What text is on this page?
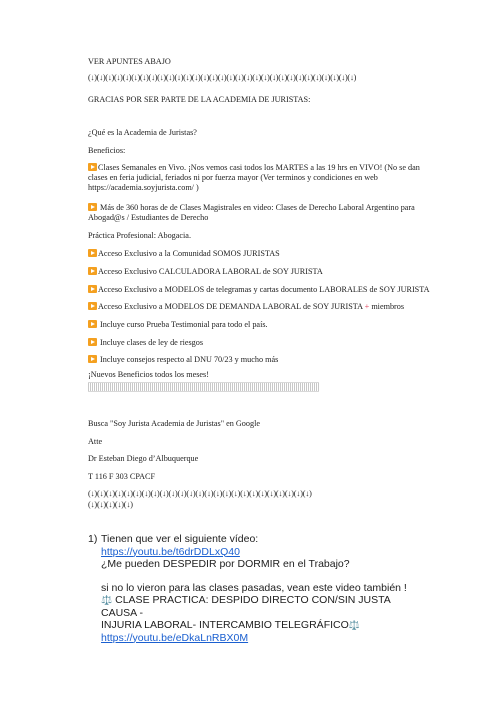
VER APUNTES ABAJO
(↓)(↓)(↓)(↓)(↓)(↓)(↓)(↓)(↓)(↓)(↓)(↓)(↓)(↓)(↓)(↓)(↓)(↓)(↓)(↓)(↓)(↓)(↓)(↓)(↓)(↓)(↓)(↓)(↓)(↓)(↓)
GRACIAS POR SER PARTE DE LA ACADEMIA DE JURISTAS:
¿Qué es la Academia de Juristas?
Beneficios:
Clases Semanales en Vivo. ¡Nos vemos casi todos los MARTES a las 19 hrs en VIVO! (No se dan
clases en feria judicial, feriados ni por fuerza mayor (Ver terminos y condiciones en web
https://academia.soyjurista.com/ )
Más de 360 horas de de Clases Magistrales en video: Clases de Derecho Laboral Argentino para
Abogad@s / Estudiantes de Derecho
Práctica Profesional: Abogacia.
Acceso Exclusivo a la Comunidad SOMOS JURISTAS
Acceso Exclusivo CALCULADORA LABORAL de SOY JURISTA
Acceso Exclusivo a MODELOS de telegramas y cartas documento LABORALES de SOY JURISTA
Acceso Exclusivo a MODELOS DE DEMANDA LABORAL de SOY JURISTA + miembros
Incluye curso Prueba Testimonial para todo el país.
Incluye clases de ley de riesgos
Incluye consejos respecto al DNU 70/23 y mucho más
¡Nuevos Beneficios todos los meses!
Busca "Soy Jurista Academia de Juristas" en Google
Atte
Dr Esteban Diego d’Albuquerque
T 116 F 303 CPACF
(↓)(↓)(↓)(↓)(↓)(↓)(↓)(↓)(↓)(↓)(↓)(↓)(↓)(↓)(↓)(↓)(↓)(↓)(↓)(↓)(↓)(↓)(↓)(↓)(↓)
(↓)(↓)(↓)(↓)(↓)
1) Tienen que ver el siguiente vídeo:
https://youtu.be/t6drDDLxQ40
¿Me pueden DESPEDIR por DORMIR en el Trabajo?
si no lo vieron para las clases pasadas, vean este video también !
⚖️ CLASE PRACTICA: DESPIDO DIRECTO CON/SIN JUSTA CAUSA -
INJURIA LABORAL- INTERCAMBIO TELEGRÁFICO⚖️
https://youtu.be/eDkaLnRBX0M
